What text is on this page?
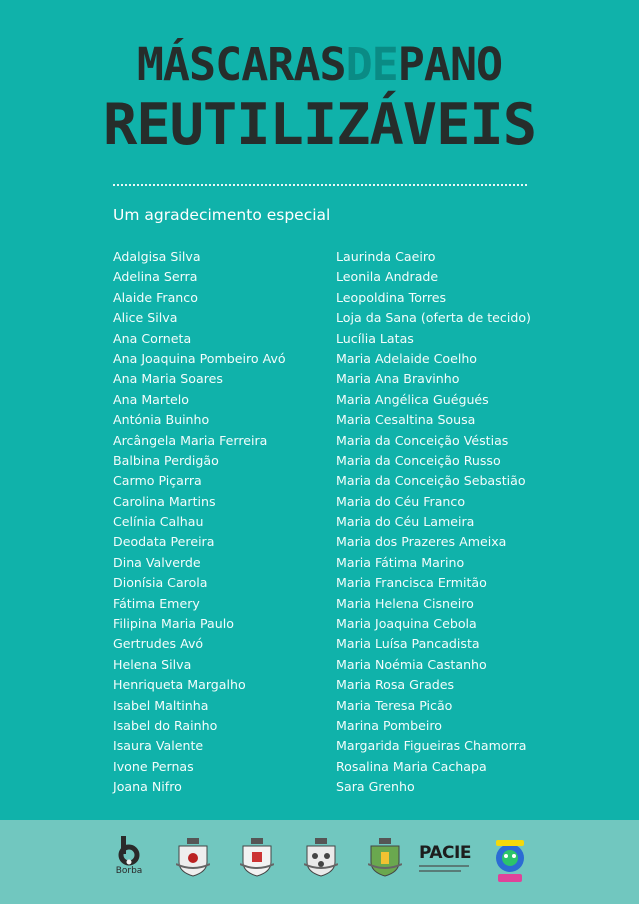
MÁSCARASDEPANO
REUTILIZÁVEIS
Um agradecimento especial
Adalgisa Silva
Adelina Serra
Alaide Franco
Alice Silva
Ana Corneta
Ana Joaquina Pombeiro Avó
Ana Maria Soares
Ana Martelo
Antónia Buinho
Arcângela Maria Ferreira
Balbina Perdigão
Carmo Piçarra
Carolina Martins
Celínia Calhau
Deodata Pereira
Dina Valverde
Dionísia Carola
Fátima Emery
Filipina Maria Paulo
Gertrudes Avó
Helena Silva
Henriqueta Margalho
Isabel Maltinha
Isabel do Rainho
Isaura Valente
Ivone Pernas
Joana Nifro
Laurinda Caeiro
Leonila Andrade
Leopoldina Torres
Loja da Sana (oferta de tecido)
Lucília Latas
Maria Adelaide Coelho
Maria Ana Bravinho
Maria Angélica Guégués
Maria Cesaltina Sousa
Maria da Conceição Véstias
Maria da Conceição Russo
Maria da Conceição Sebastião
Maria do Céu Franco
Maria do Céu Lameira
Maria dos Prazeres Ameixa
Maria Fátima Marino
Maria Francisca Ermitão
Maria Helena Cisneiro
Maria Joaquina Cebola
Maria Luísa Pancadista
Maria Noémia Castanho
Maria Rosa Grades
Maria Teresa Picão
Marina Pombeiro
Margarida Figueiras Chamorra
Rosalina Maria Cachapa
Sara Grenho
Borba
PACIE
